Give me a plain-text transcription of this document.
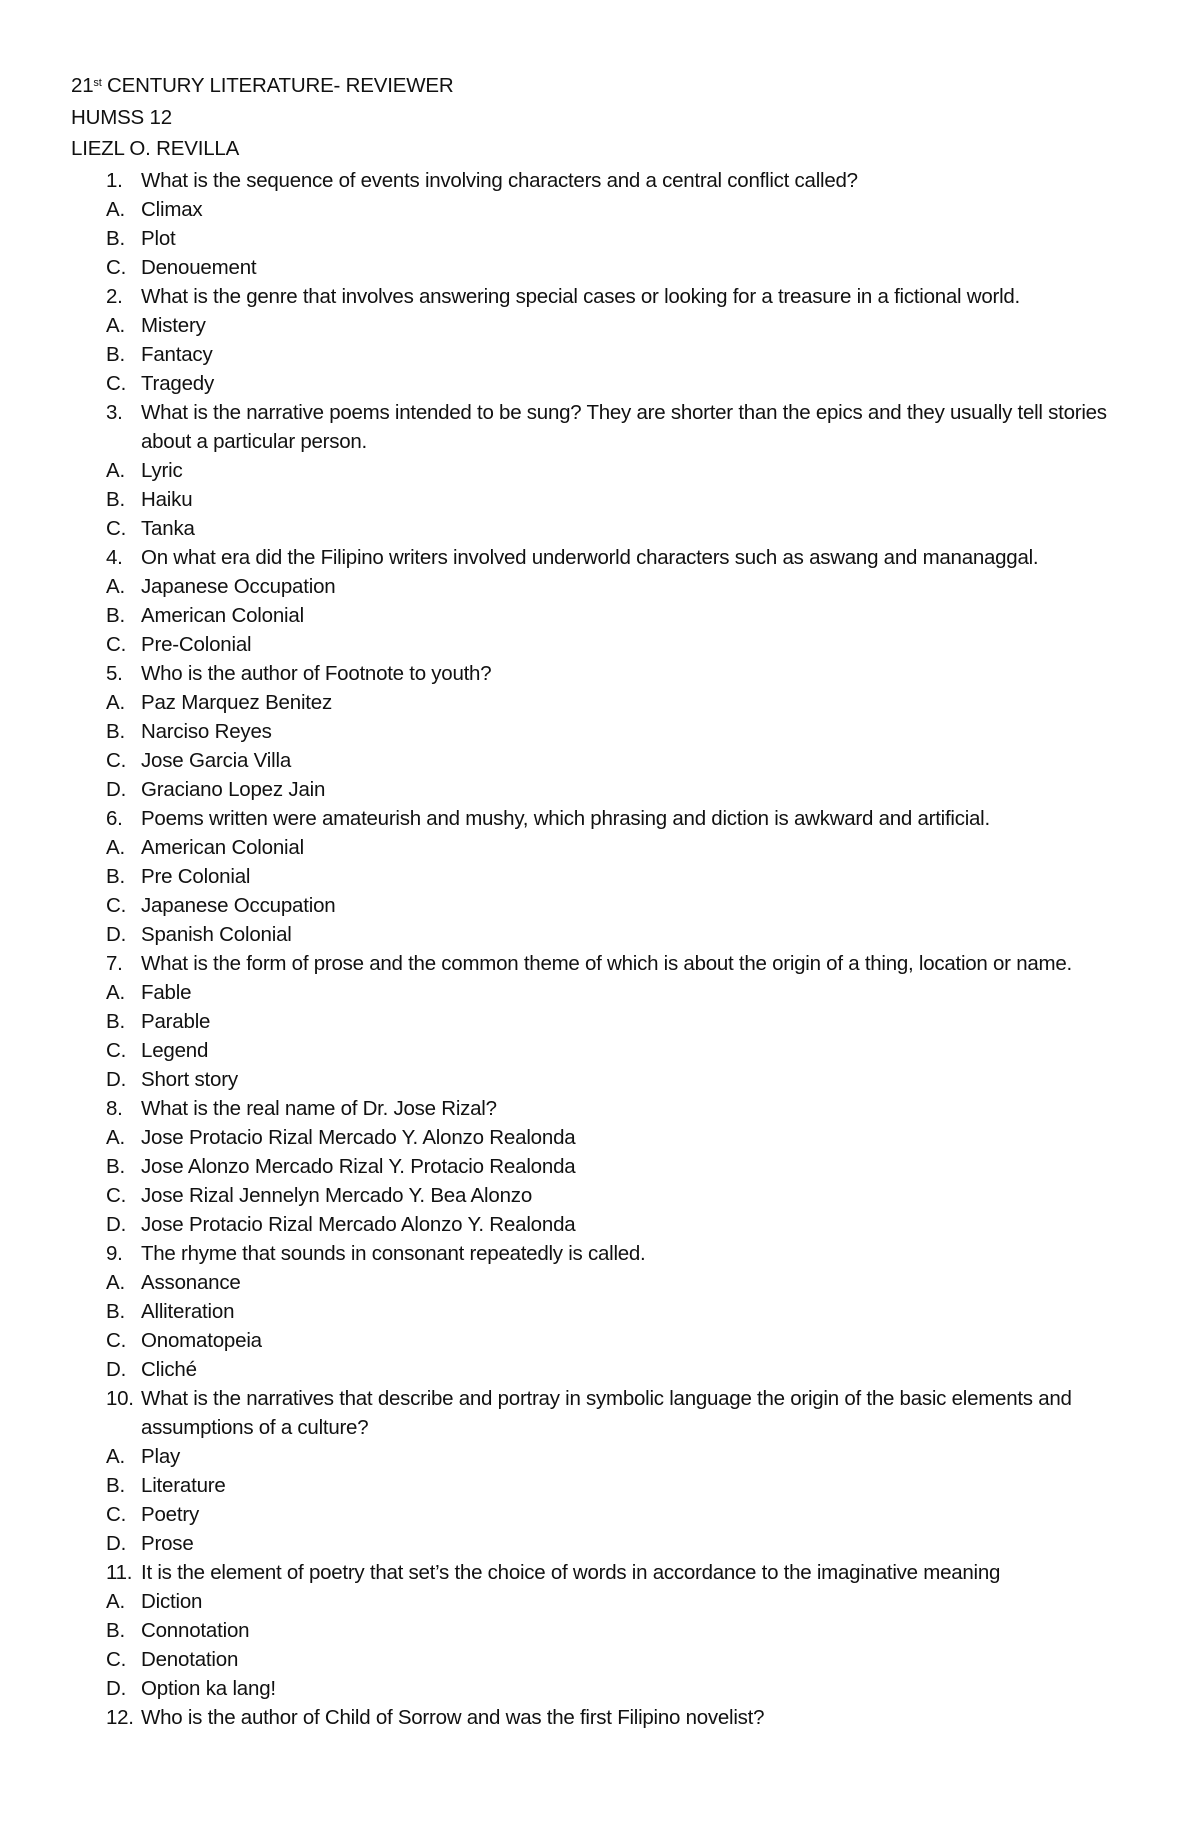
21st CENTURY LITERATURE- REVIEWER
HUMSS 12
LIEZL O. REVILLA
1. What is the sequence of events involving characters and a central conflict called?
A. Climax
B. Plot
C. Denouement
2. What is the genre that involves answering special cases or looking for a treasure in a fictional world.
A. Mistery
B. Fantacy
C. Tragedy
3. What is the narrative poems intended to be sung? They are shorter than the epics and they usually tell stories about a particular person.
A. Lyric
B. Haiku
C. Tanka
4. On what era did the Filipino writers involved underworld characters such as aswang and mananaggal.
A. Japanese Occupation
B. American Colonial
C. Pre-Colonial
5. Who is the author of Footnote to youth?
A. Paz Marquez Benitez
B. Narciso Reyes
C. Jose Garcia Villa
D. Graciano Lopez Jain
6. Poems written were amateurish and mushy, which phrasing and diction is awkward and artificial.
A. American Colonial
B. Pre Colonial
C. Japanese Occupation
D. Spanish Colonial
7. What is the form of prose and the common theme of which is about the origin of a thing, location or name.
A. Fable
B. Parable
C. Legend
D. Short story
8. What is the real name of Dr. Jose Rizal?
A. Jose Protacio Rizal Mercado Y. Alonzo Realonda
B. Jose Alonzo Mercado Rizal Y. Protacio Realonda
C. Jose Rizal Jennelyn Mercado Y. Bea Alonzo
D. Jose Protacio Rizal Mercado Alonzo Y. Realonda
9. The rhyme that sounds in consonant repeatedly is called.
A. Assonance
B. Alliteration
C. Onomatopeia
D. Cliché
10. What is the narratives that describe and portray in symbolic language the origin of the basic elements and assumptions of a culture?
A. Play
B. Literature
C. Poetry
D. Prose
11. It is the element of poetry that set’s the choice of words in accordance to the imaginative meaning
A. Diction
B. Connotation
C. Denotation
D. Option ka lang!
12. Who is the author of Child of Sorrow and was the first Filipino novelist?
